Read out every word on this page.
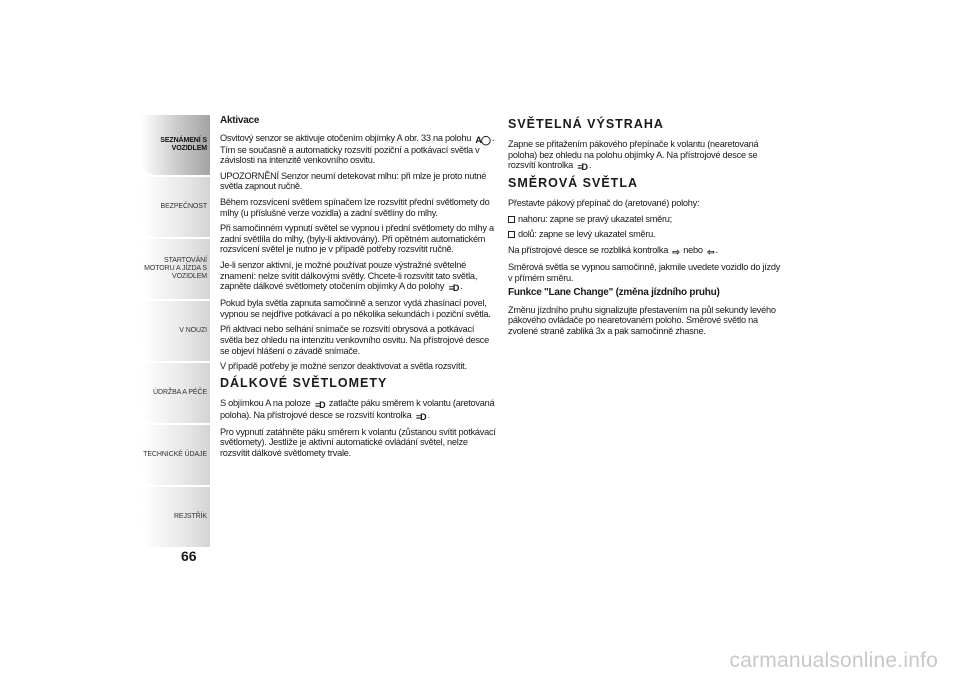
SEZNÁMENÍ S
VOZIDLEM
BEZPEČNOST
STARTOVÁNÍ
MOTORU A JÍZDA S VOZIDLEM
V NOUZI
ÚDRŽBA A PÉČE
TECHNICKÉ ÚDAJE
REJSTŘÍK
66
Aktivace

Osvitový senzor se aktivuje otočením objímky A obr. 33 na polohu A◯ . Tím se současně a automaticky rozsvítí poziční a potkávací světla v závislosti na intenzitě venkovního osvitu.

UPOZORNĚNÍ Senzor neumí detekovat mlhu: při mlze je proto nutné světla zapnout ručně.

Během rozsvícení světlem spínačem lze rozsvítit přední světlomety do mlhy (u příslušné verze vozidla) a zadní světlíny do mlhy.

Při samočinném vypnutí světel se vypnou i přední světlomety do mlhy a zadní světlíla do mlhy, (byly-li aktivovány). Při opětném automatickém rozsvícení světel je nutno je v případě potřeby rozsvítit ručně.

Je-li senzor aktivní, je možné používat pouze výstražné světelné znamení: nelze svítit dálkovými světly. Chcete-li rozsvítit tato světla, zapněte dálkové světlomety otočením objímky A do polohy ≡D .

Pokud byla světla zapnuta samočinně a senzor vydá zhasínací povel, vypnou se nejdříve potkávací a po několika sekundách i poziční světla.

Při aktivaci nebo selhání snímače se rozsvítí obrysová a potkávací světla bez ohledu na intenzitu venkovního osvitu. Na přístrojové desce se objeví hlášení o závadě snímače.

V případě potřeby je možné senzor deaktivovat a světla rozsvítit.

DÁLKOVÉ SVĚTLOMETY

S objímkou A na poloze ≡D zatlačte páku směrem k volantu (aretovaná poloha). Na přístrojové desce se rozsvítí kontrolka ≡D .

Pro vypnutí zatáhněte páku směrem k volantu (zůstanou svítit potkávací světlomety). Jestliže je aktivní automatické ovládání světel, nelze rozsvítit dálkové světlomety trvale.

SVĚTELNÁ VÝSTRAHA

Zapne se přitažením pákového přepínače k volantu (nearetovaná poloha) bez ohledu na polohu objímky A. Na přístrojové desce se rozsvítí kontrolka ≡D .

SMĚROVÁ SVĚTLA

Přestavte pákový přepínač do (aretované) polohy:

nahoru: zapne se pravý ukazatel směru;

dolů: zapne se levý ukazatel směru.

Na přístrojové desce se rozbliká kontrolka ⇨ nebo ⇦ .

Směrová světla se vypnou samočinně, jakmile uvedete vozidlo do jízdy v přímém směru.

Funkce "Lane Change" (změna jízdního pruhu)

Změnu jízdního pruhu signalizujte přestavením na půl sekundy levého pákového ovládače po nearetovaném poloho. Směrové světlo na zvolené straně zabliká 3x a pak samočinně zhasne.

carmanualsonline.info
